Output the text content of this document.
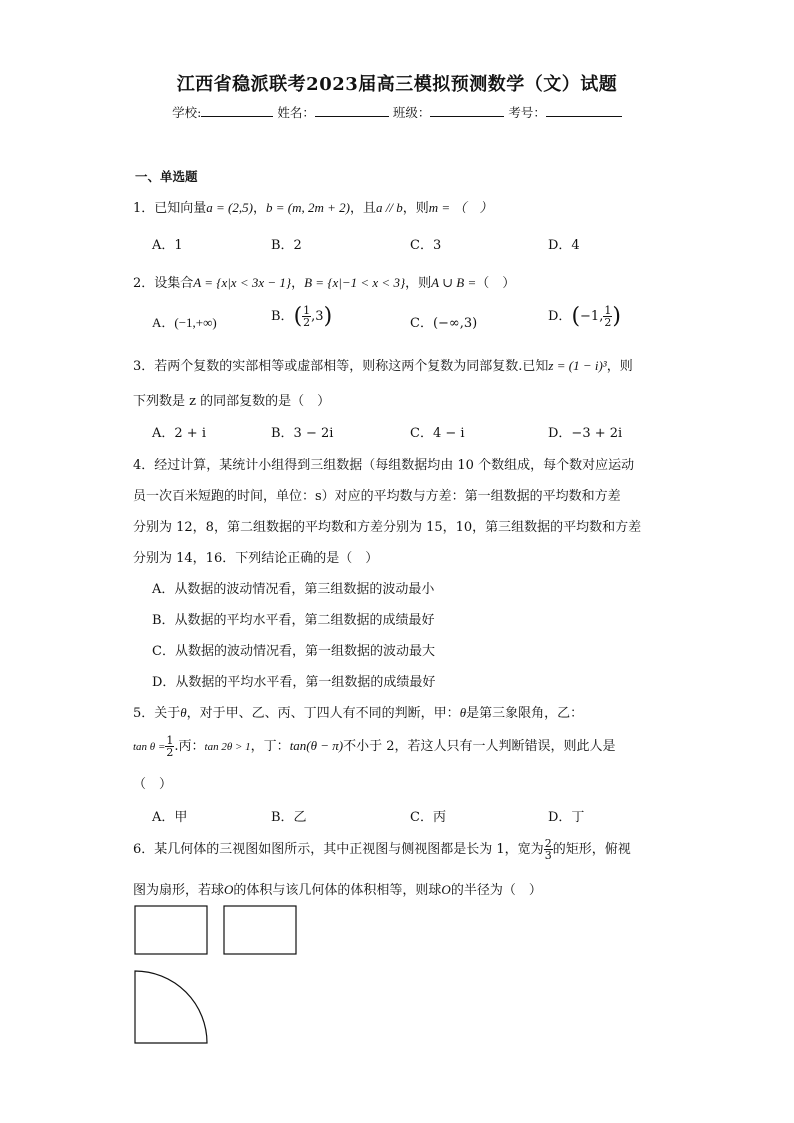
江西省稳派联考2023届高三模拟预测数学（文）试题
学校:	姓名：	班级：	考号：
一、单选题
1．已知向量a = (2,5)，b = (m, 2m + 2)，且a // b，则m = （　）
A．1	B．2	C．3	D．4
2．设集合A = {x|x < 3x − 1}，B = {x|−1 < x < 3}，则A ∪ B =（　）
A．(−1,+∞)	B．( $\frac{1}{2} ,3$)	C．(−∞,3)	D．(−1, $\frac{1}{2}$ )
3．若两个复数的实部相等或虚部相等，则称这两个复数为同部复数.已知z = (1 − i)³，则
下列数是 z 的同部复数的是（　）
A．2 + i	B．3 − 2i	C．4 − i	D．−3 + 2i
4．经过计算，某统计小组得到三组数据（每组数据均由 10 个数组成，每个数对应运动
员一次百米短跑的时间，单位：s）对应的平均数与方差：第一组数据的平均数和方差
分别为 12，8，第二组数据的平均数和方差分别为 15，10，第三组数据的平均数和方差
分别为 14，16．下列结论正确的是（　）
A．从数据的波动情况看，第三组数据的波动最小
B．从数据的平均水平看，第二组数据的成绩最好
C．从数据的波动情况看，第一组数据的波动最大
D．从数据的平均水平看，第一组数据的成绩最好
5．关于θ，对于甲、乙、丙、丁四人有不同的判断，甲：θ是第三象限角，乙：
$\tan \theta = \frac{1}{2}$ .丙：tan 2θ > 1，丁：tan(θ − π)不小于 2，若这人只有一人判断错误，则此人是
（　）
A．甲	B．乙	C．丙	D．丁
6．某几何体的三视图如图所示，其中正视图与侧视图都是长为 1，宽为 $\frac{2}{3}$ 的矩形，俯视
图为扇形，若球O的体积与该几何体的体积相等，则球O的半径为（　）
